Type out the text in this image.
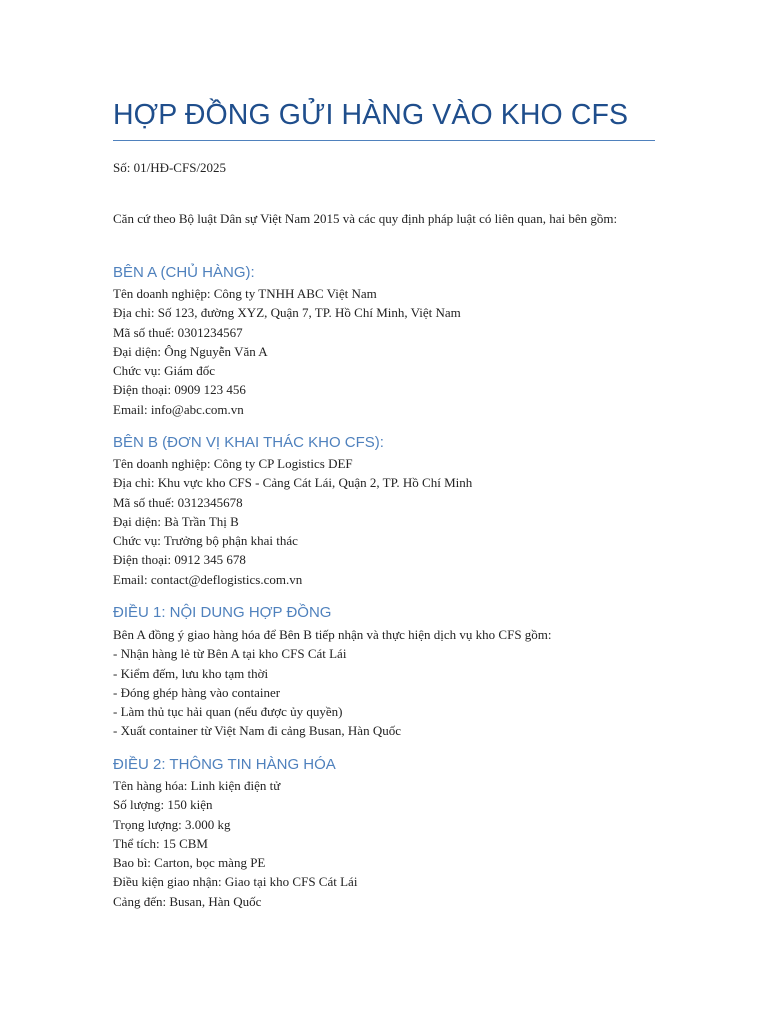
HỢP ĐỒNG GỬI HÀNG VÀO KHO CFS

Số: 01/HĐ-CFS/2025

Căn cứ theo Bộ luật Dân sự Việt Nam 2015 và các quy định pháp luật có liên quan, hai bên gồm:

BÊN A (CHỦ HÀNG):
Tên doanh nghiệp: Công ty TNHH ABC Việt Nam
Địa chỉ: Số 123, đường XYZ, Quận 7, TP. Hồ Chí Minh, Việt Nam
Mã số thuế: 0301234567
Đại diện: Ông Nguyễn Văn A
Chức vụ: Giám đốc
Điện thoại: 0909 123 456
Email: info@abc.com.vn
BÊN B (ĐƠN VỊ KHAI THÁC KHO CFS):
Tên doanh nghiệp: Công ty CP Logistics DEF
Địa chỉ: Khu vực kho CFS - Cảng Cát Lái, Quận 2, TP. Hồ Chí Minh
Mã số thuế: 0312345678
Đại diện: Bà Trần Thị B
Chức vụ: Trưởng bộ phận khai thác
Điện thoại: 0912 345 678
Email: contact@deflogistics.com.vn
ĐIỀU 1: NỘI DUNG HỢP ĐỒNG
Bên A đồng ý giao hàng hóa để Bên B tiếp nhận và thực hiện dịch vụ kho CFS gồm:
- Nhận hàng lẻ từ Bên A tại kho CFS Cát Lái
- Kiểm đếm, lưu kho tạm thời
- Đóng ghép hàng vào container
- Làm thủ tục hải quan (nếu được ủy quyền)
- Xuất container từ Việt Nam đi cảng Busan, Hàn Quốc
ĐIỀU 2: THÔNG TIN HÀNG HÓA
Tên hàng hóa: Linh kiện điện tử
Số lượng: 150 kiện
Trọng lượng: 3.000 kg
Thể tích: 15 CBM
Bao bì: Carton, bọc màng PE
Điều kiện giao nhận: Giao tại kho CFS Cát Lái
Cảng đến: Busan, Hàn Quốc
